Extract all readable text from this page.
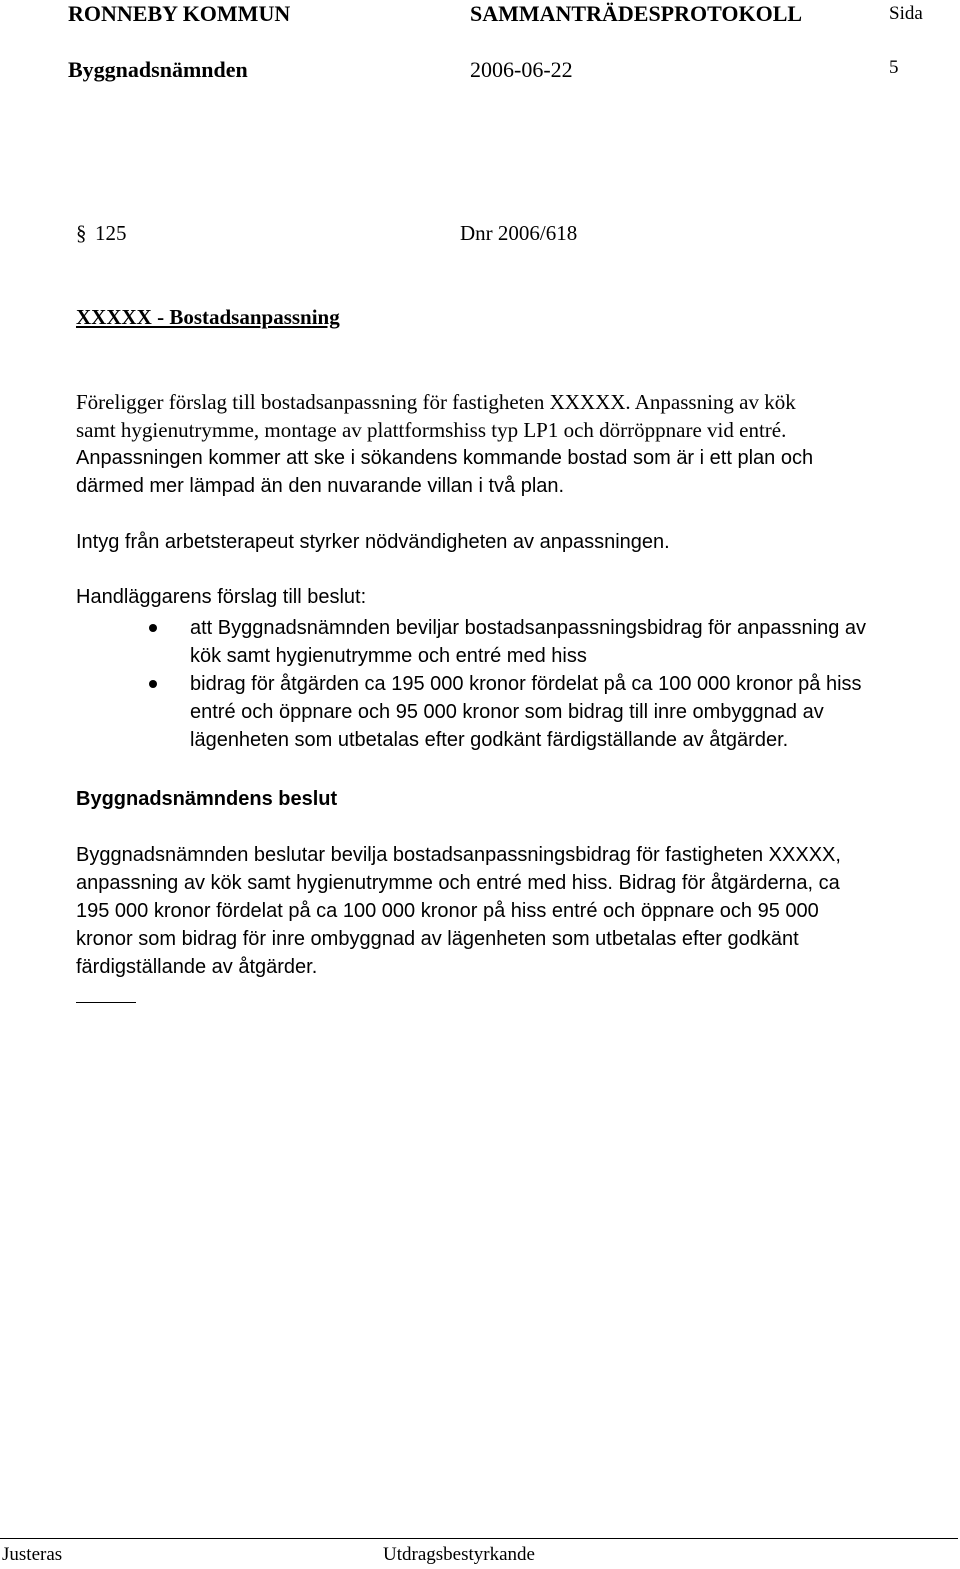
RONNEBY KOMMUN	SAMMANTRÄDESPROTOKOLL	Sida
Byggnadsnämnden	2006-06-22	5
§ 125	Dnr 2006/618
XXXXX - Bostadsanpassning

Föreligger förslag till bostadsanpassning för fastigheten XXXXX. Anpassning av kök

samt hygienutrymme, montage av plattformshiss typ LP1 och dörröppnare vid entré.

Anpassningen kommer att ske i sökandens kommande bostad som är i ett plan och

därmed mer lämpad än den nuvarande villan i två plan.

Intyg från arbetsterapeut styrker nödvändigheten av anpassningen.

Handläggarens förslag till beslut:

att Byggnadsnämnden beviljar bostadsanpassningsbidrag för anpassning av
kök samt hygienutrymme och entré med hiss
bidrag för åtgärden ca 195 000 kronor fördelat på ca 100 000 kronor på hiss
entré och öppnare och 95 000 kronor som bidrag till inre ombyggnad av
lägenheten som utbetalas efter godkänt färdigställande av åtgärder.

Byggnadsnämndens beslut

Byggnadsnämnden beslutar bevilja bostadsanpassningsbidrag för fastigheten XXXXX,

anpassning av kök samt hygienutrymme och entré med hiss. Bidrag för åtgärderna, ca

195 000 kronor fördelat på ca 100 000 kronor på hiss entré och öppnare och 95 000

kronor som bidrag för inre ombyggnad av lägenheten som utbetalas efter godkänt

färdigställande av åtgärder.

Justeras	Utdragsbestyrkande
